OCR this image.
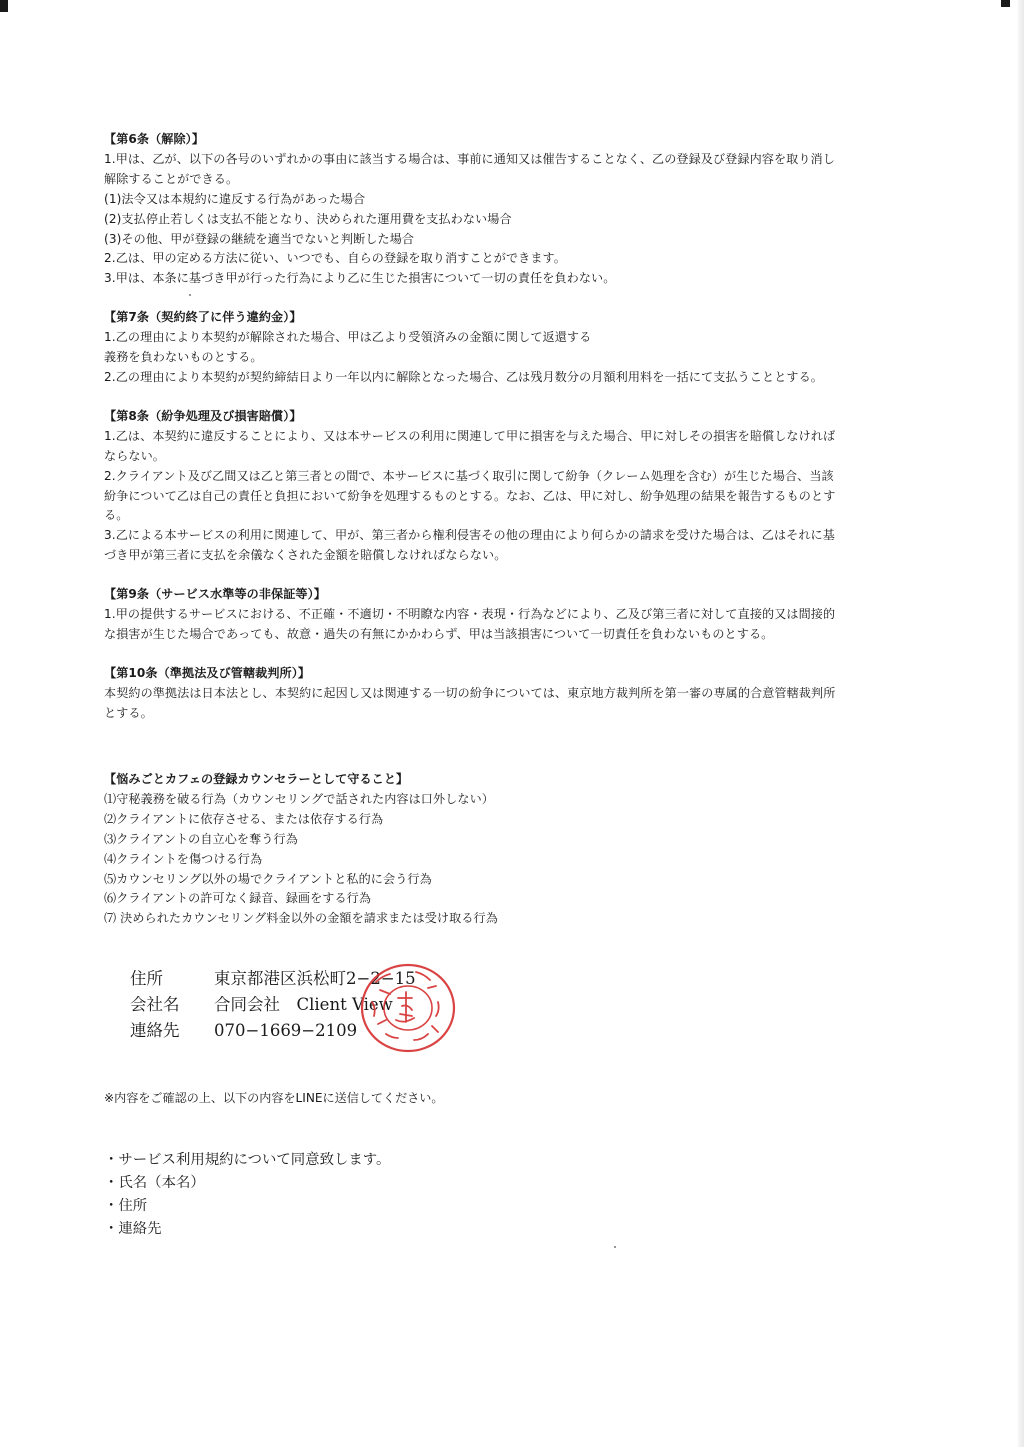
【第6条（解除）】
1.甲は、乙が、以下の各号のいずれかの事由に該当する場合は、事前に通知又は催告することなく、乙の登録及び登録内容を取り消し
解除することができる。
(1)法令又は本規約に違反する行為があった場合
(2)支払停止若しくは支払不能となり、決められた運用費を支払わない場合
(3)その他、甲が登録の継続を適当でないと判断した場合
2.乙は、甲の定める方法に従い、いつでも、自らの登録を取り消すことができます。
3.甲は、本条に基づき甲が行った行為により乙に生じた損害について一切の責任を負わない。
【第7条（契約終了に伴う違約金）】
1.乙の理由により本契約が解除された場合、甲は乙より受領済みの金額に関して返還する
義務を負わないものとする。
2.乙の理由により本契約が契約締結日より一年以内に解除となった場合、乙は残月数分の月額利用料を一括にて支払うこととする。
【第8条（紛争処理及び損害賠償）】
1.乙は、本契約に違反することにより、又は本サービスの利用に関連して甲に損害を与えた場合、甲に対しその損害を賠償しなければ
ならない。
2.クライアント及び乙間又は乙と第三者との間で、本サービスに基づく取引に関して紛争（クレーム処理を含む）が生じた場合、当該
紛争について乙は自己の責任と負担において紛争を処理するものとする。なお、乙は、甲に対し、紛争処理の結果を報告するものとす
る。
3.乙による本サービスの利用に関連して、甲が、第三者から権利侵害その他の理由により何らかの請求を受けた場合は、乙はそれに基
づき甲が第三者に支払を余儀なくされた金額を賠償しなければならない。
【第9条（サービス水準等の非保証等）】
1.甲の提供するサービスにおける、不正確・不適切・不明瞭な内容・表現・行為などにより、乙及び第三者に対して直接的又は間接的
な損害が生じた場合であっても、故意・過失の有無にかかわらず、甲は当該損害について一切責任を負わないものとする。
【第10条（準拠法及び管轄裁判所）】
本契約の準拠法は日本法とし、本契約に起因し又は関連する一切の紛争については、東京地方裁判所を第一審の専属的合意管轄裁判所
とする。
【悩みごとカフェの登録カウンセラーとして守ること】
⑴守秘義務を破る行為（カウンセリングで話された内容は口外しない）
⑵クライアントに依存させる、または依存する行為
⑶クライアントの自立心を奪う行為
⑷クライントを傷つける行為
⑸カウンセリング以外の場でクライアントと私的に会う行為
⑹クライアントの許可なく録音、録画をする行為
⑺ 決められたカウンセリング料金以外の金額を請求または受け取る行為
住所	東京都港区浜松町2−2−15
会社名	合同会社　Client View
連絡先	070−1669−2109
※内容をご確認の上、以下の内容をLINEに送信してください。
・サービス利用規約について同意致します。
・氏名（本名）
・住所
・連絡先
